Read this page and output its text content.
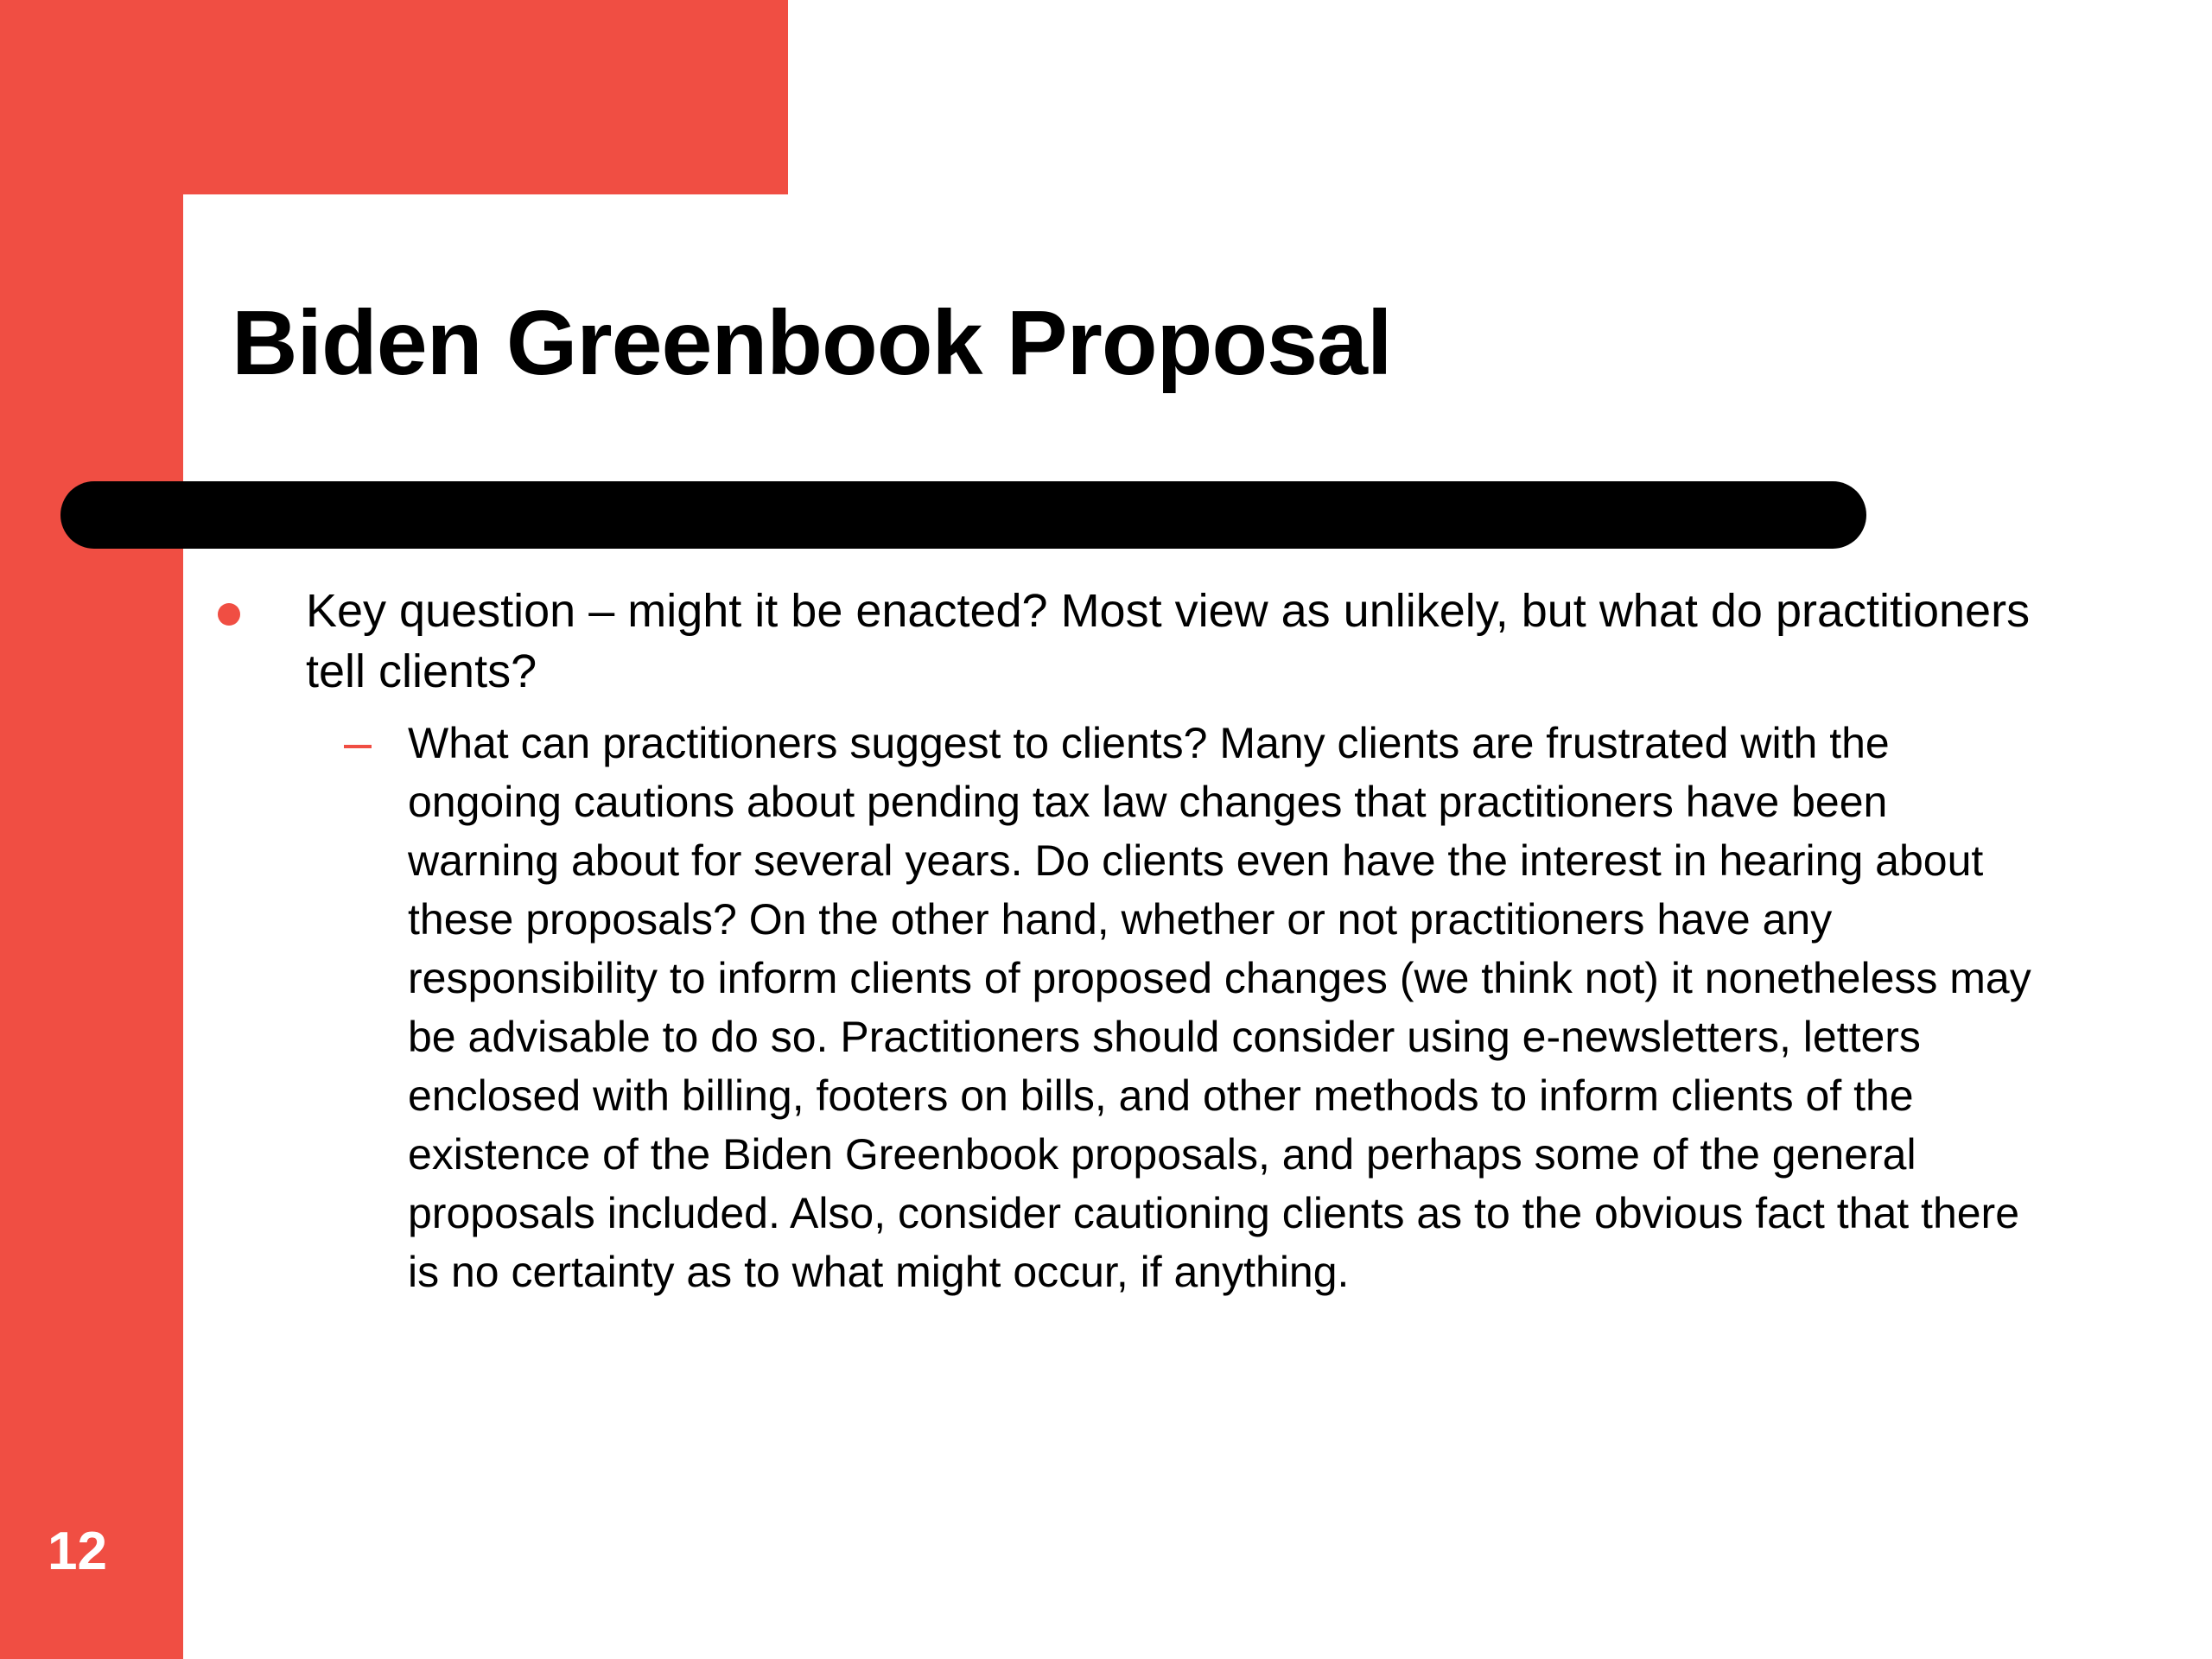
Biden Greenbook Proposal
Key question – might it be enacted? Most view as unlikely, but what do practitioners tell clients?
What can practitioners suggest to clients? Many clients are frustrated with the ongoing cautions about pending tax law changes that practitioners have been warning about for several years. Do clients even have the interest in hearing about these proposals? On the other hand, whether or not practitioners have any responsibility to inform clients of proposed changes (we think not) it nonetheless may be advisable to do so. Practitioners should consider using e-newsletters, letters enclosed with billing, footers on bills, and other methods to inform clients of the existence of the Biden Greenbook proposals, and perhaps some of the general proposals included. Also, consider cautioning clients as to the obvious fact that there is no certainty as to what might occur, if anything.
12
